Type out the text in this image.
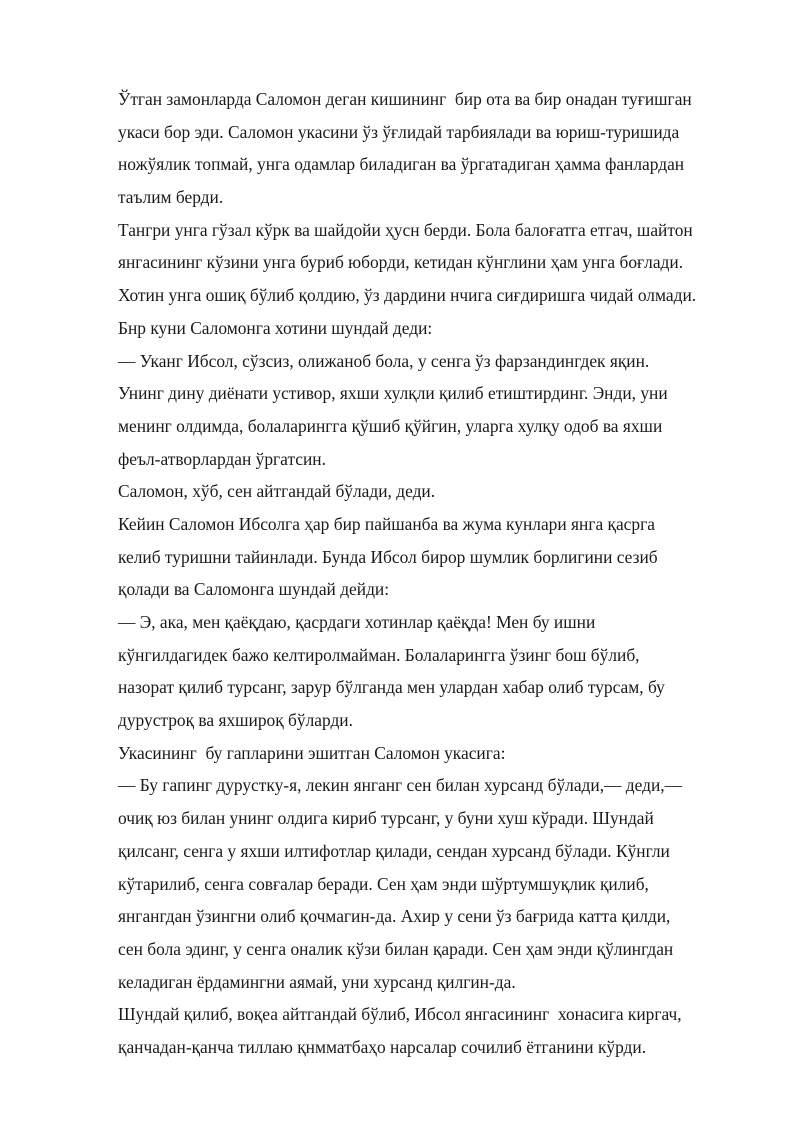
Ўтган замонларда Саломон деган кишининг  бир ота ва бир онадан туғишган
укаси бор эди. Саломон укасини ўз ўғлидай тарбиялади ва юриш-туришида
ножўялик топмай, унга одамлар биладиган ва ўргатадиган ҳамма фанлардан
таълим берди.
Тангри унга гўзал кўрк ва шайдойи ҳусн берди. Бола балоғатга етгач, шайтон
янгасининг кўзини унга буриб юборди, кетидан кўнглини ҳам унга боғлади.
Хотин унга ошиқ бўлиб қолдию, ўз дардини нчига сиғдиришга чидай олмади.
Бнр куни Саломонга хотини шундай деди:
— Уканг Ибсол, сўзсиз, олижаноб бола, у сенга ўз фарзандингдек яқин.
Унинг дину диёнати устивор, яхши хулқли қилиб етиштирдинг. Энди, уни
менинг олдимда, болаларингга қўшиб қўйгин, уларга хулқу одоб ва яхши
феъл-атворлардан ўргатсин.
Саломон, хўб, сен айтгандай бўлади, деди.
Кейин Саломон Ибсолга ҳар бир пайшанба ва жума кунлари янга қасрга
келиб туришни тайинлади. Бунда Ибсол бирор шумлик борлигини сезиб
қолади ва Саломонга шундай дейди:
— Э, ака, мен қаёқдаю, қасрдаги хотинлар қаёқда! Мен бу ишни
кўнгилдагидек бажо келтиролмайман. Болаларингга ўзинг бош бўлиб,
назорат қилиб турсанг, зарур бўлганда мен улардан хабар олиб турсам, бу
дурустроқ ва яхшироқ бўларди.
Укасининг  бу гапларини эшитган Саломон укасига:
— Бу гапинг дурустку-я, лекин янганг сен билан хурсанд бўлади,— деди,—
очиқ юз билан унинг олдига кириб турсанг, у буни хуш кўради. Шундай
қилсанг, сенга у яхши илтифотлар қилади, сендан хурсанд бўлади. Кўнгли
кўтарилиб, сенга совғалар беради. Сен ҳам энди шўртумшуқлик қилиб,
янгангдан ўзингни олиб қочмагин-да. Ахир у сени ўз бағрида катта қилди,
сен бола эдинг, у сенга оналик кўзи билан қаради. Сен ҳам энди қўлингдан
келадиган ёрдамингни аямай, уни хурсанд қилгин-да.
Шундай қилиб, воқеа айтгандай бўлиб, Ибсол янгасининг  хонасига киргач,
қанчадан-қанча тиллаю қнмматбаҳо нарсалар сочилиб ётганини кўрди.
